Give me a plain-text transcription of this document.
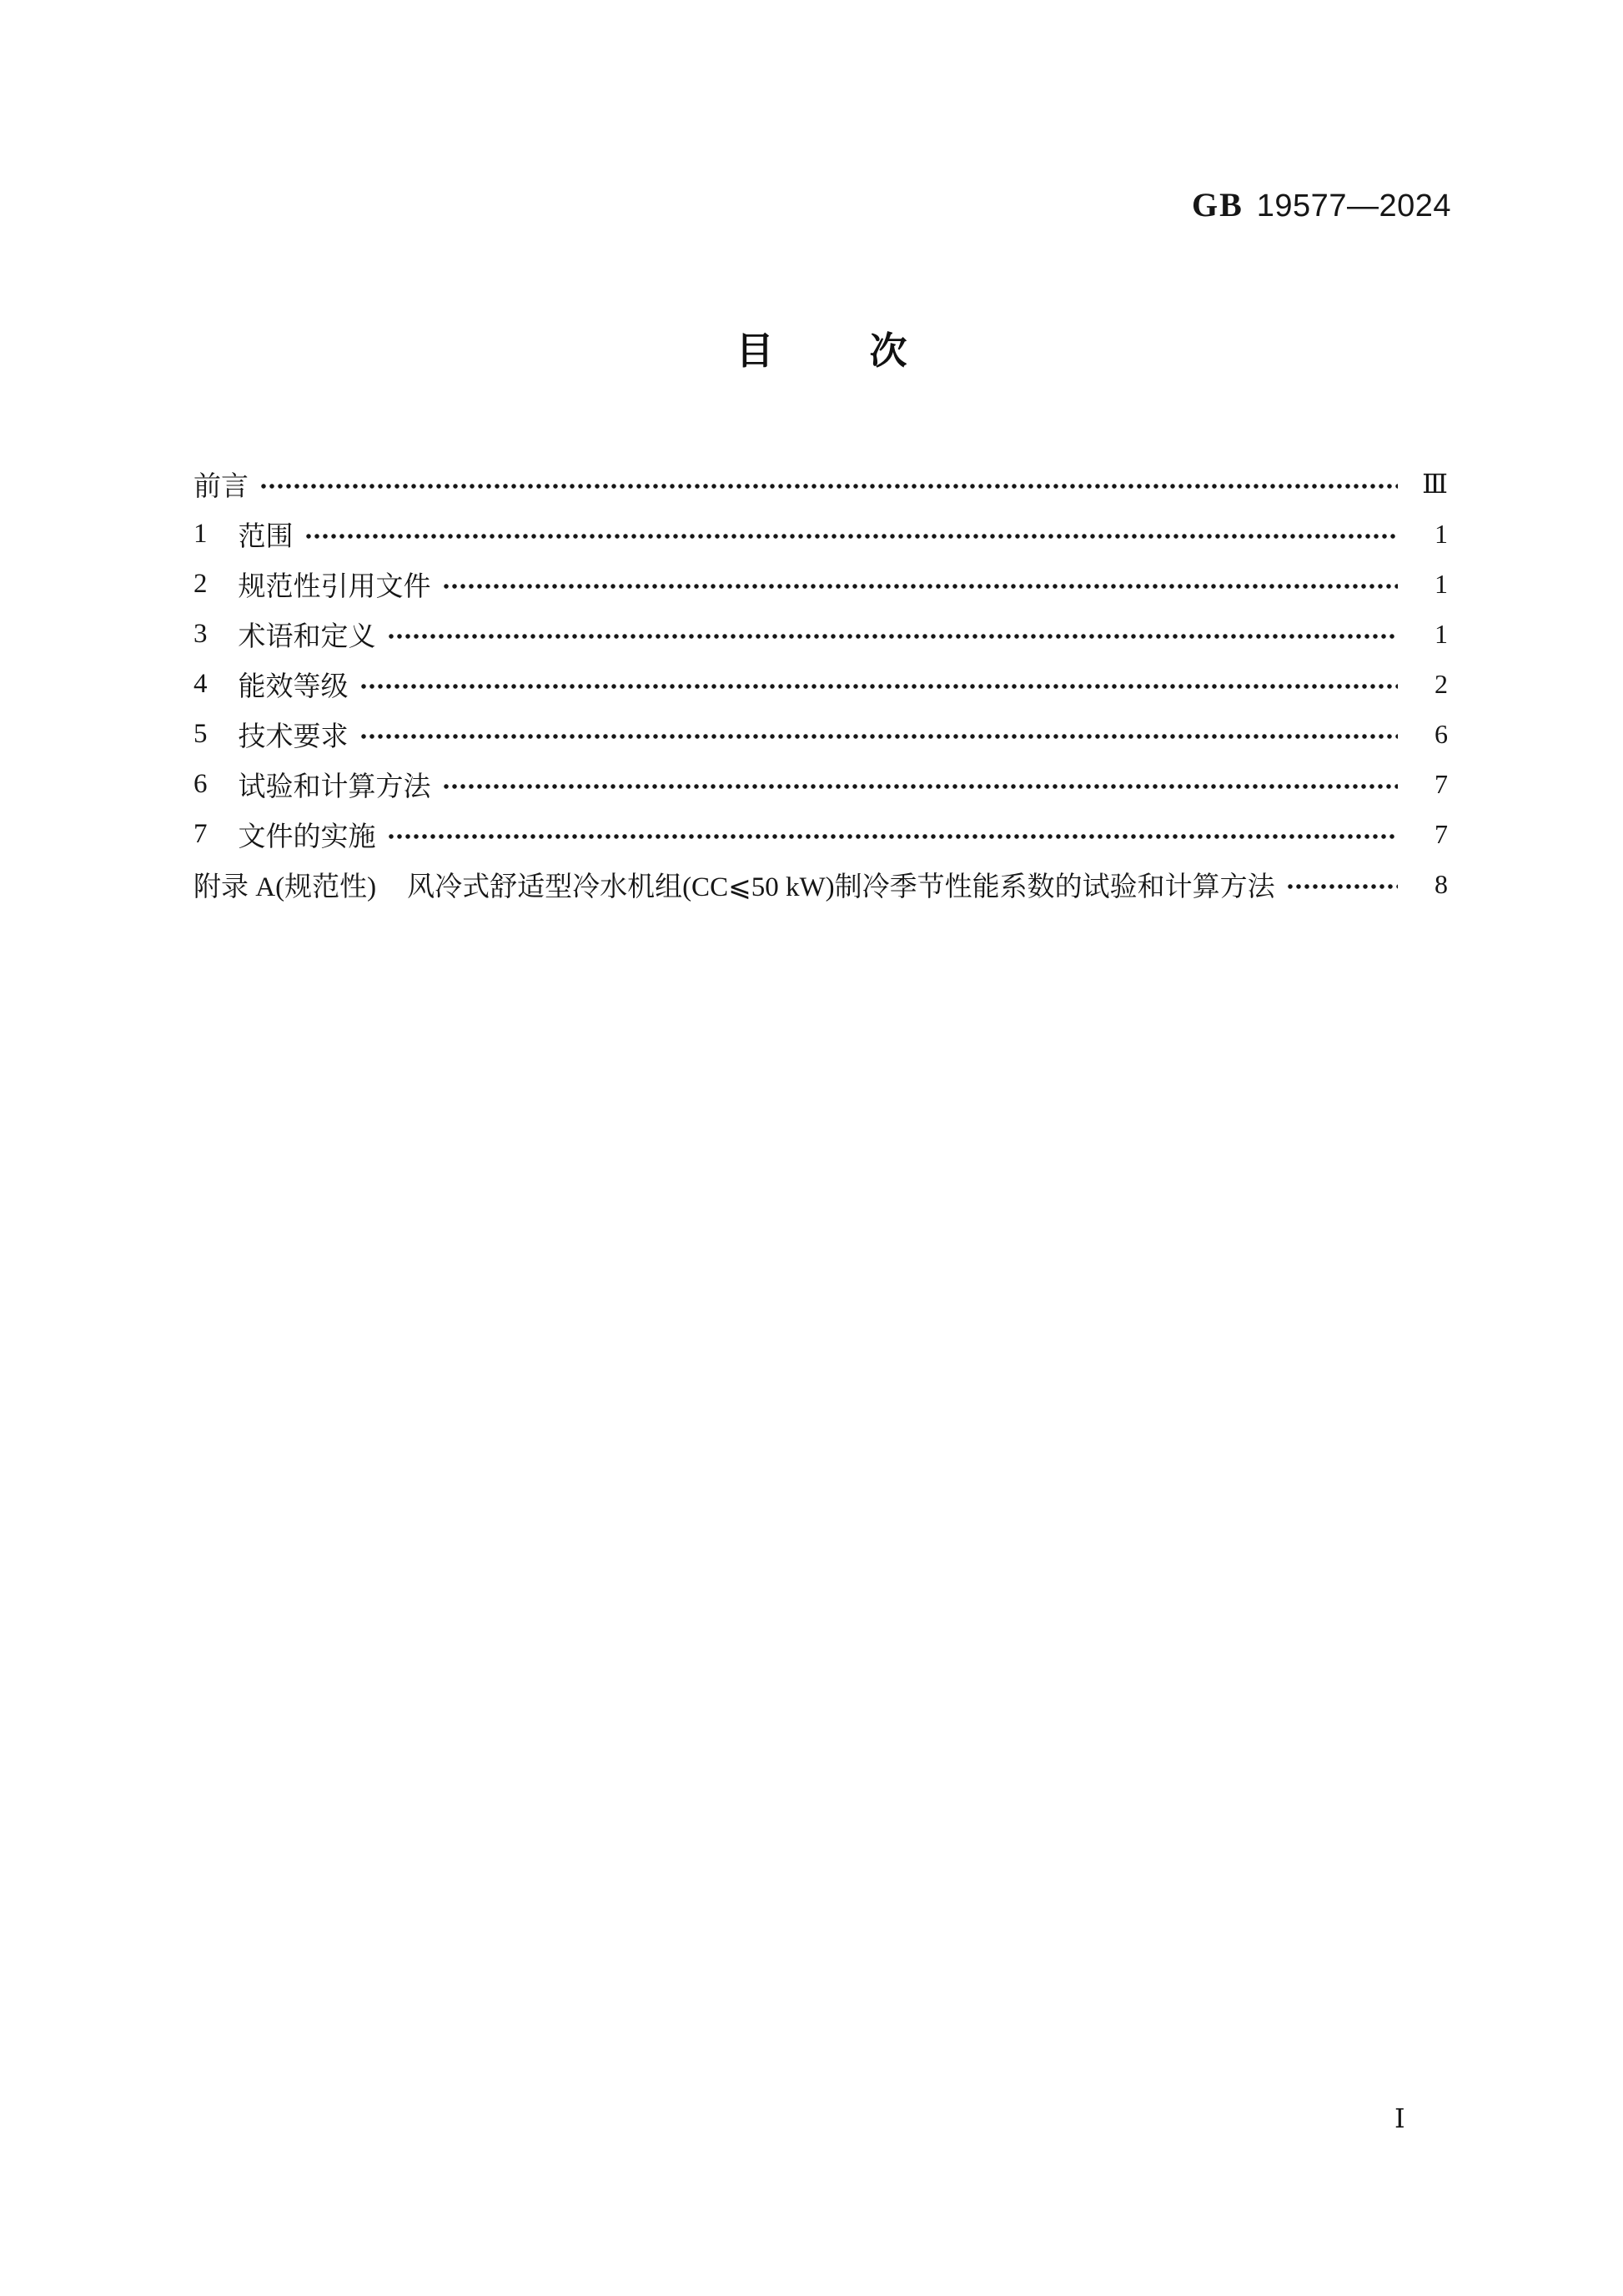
GB 19577—2024
目	次
前言	Ⅲ
1 范围	1
2 规范性引用文件	1
3 术语和定义	1
4 能效等级	2
5 技术要求	6
6 试验和计算方法	7
7 文件的实施	7
附录 A(规范性) 风冷式舒适型冷水机组(CC⩽50 kW)制冷季节性能系数的试验和计算方法	8
Ⅰ
